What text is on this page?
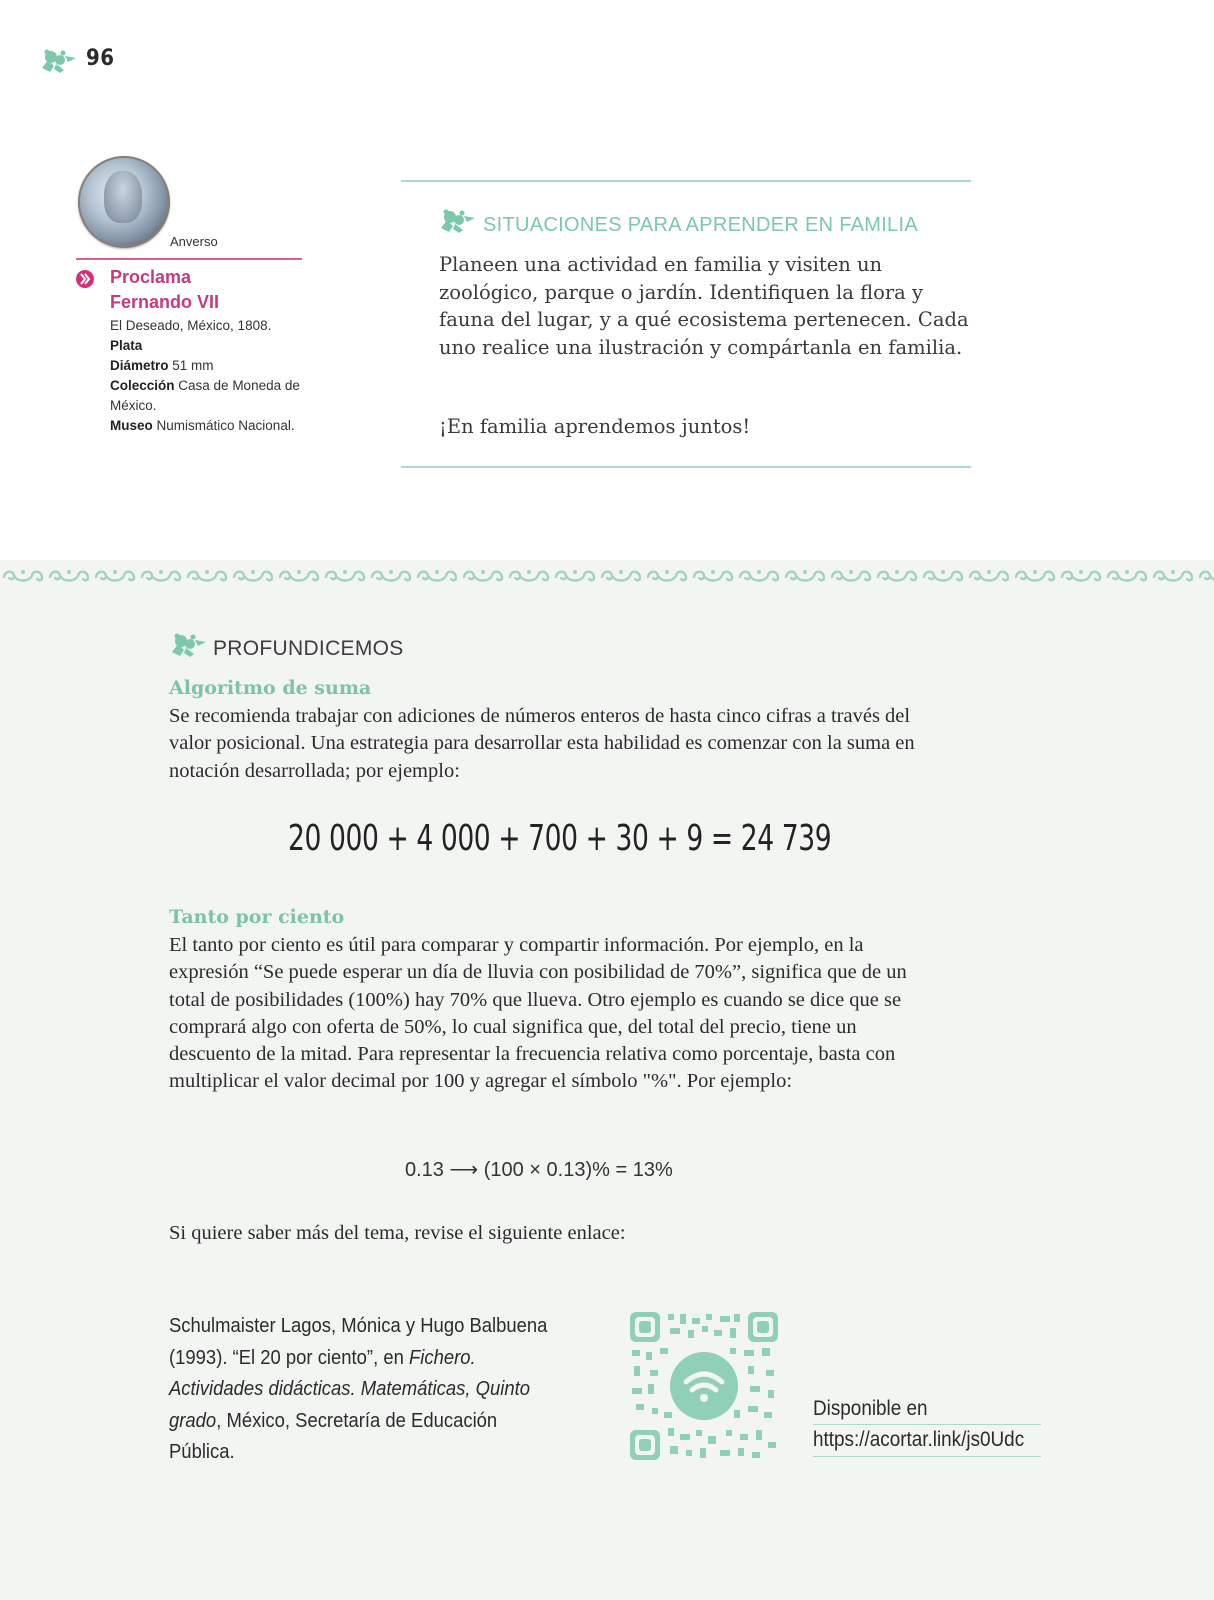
96
Anverso
Proclama
Fernando VII
El Deseado, México, 1808.
Plata
Diámetro 51 mm
Colección Casa de Moneda de México.
Museo Numismático Nacional.
SITUACIONES PARA APRENDER EN FAMILIA
Planeen una actividad en familia y visiten un zoológico, parque o jardín. Identifiquen la flora y fauna del lugar, y a qué ecosistema pertenecen. Cada uno realice una ilustración y compártanla en familia.
¡En familia aprendemos juntos!
PROFUNDICEMOS
Algoritmo de suma
Se recomienda trabajar con adiciones de números enteros de hasta cinco cifras a través del valor posicional. Una estrategia para desarrollar esta habilidad es comenzar con la suma en notación desarrollada; por ejemplo:
20 000 + 4 000 + 700 + 30 + 9 = 24 739
Tanto por ciento
El tanto por ciento es útil para comparar y compartir información. Por ejemplo, en la expresión “Se puede esperar un día de lluvia con posibilidad de 70%”, significa que de un total de posibilidades (100%) hay 70% que llueva. Otro ejemplo es cuando se dice que se comprará algo con oferta de 50%, lo cual significa que, del total del precio, tiene un descuento de la mitad. Para representar la frecuencia relativa como porcentaje, basta con multiplicar el valor decimal por 100 y agregar el símbolo "%". Por ejemplo:
0.13 ⟶ (100 × 0.13)% = 13%
Si quiere saber más del tema, revise el siguiente enlace:
Schulmaister Lagos, Mónica y Hugo Balbuena (1993). “El 20 por ciento”, en Fichero. Actividades didácticas. Matemáticas, Quinto grado, México, Secretaría de Educación Pública.
Disponible en
https://acortar.link/js0Udc
